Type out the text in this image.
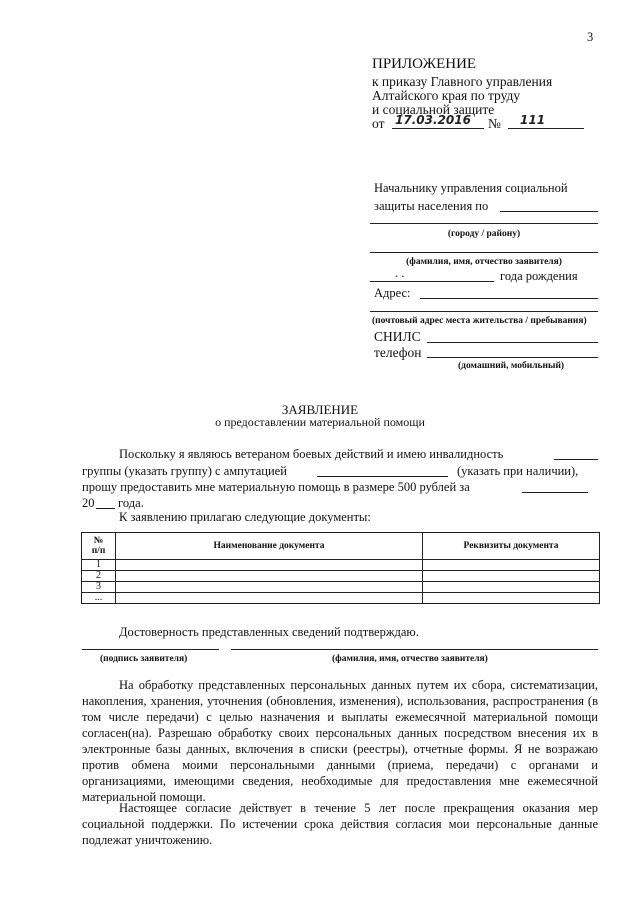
3
ПРИЛОЖЕНИЕ
к приказу Главного управления
Алтайского края по труду
и социальной защите
от 17.03.2016 № 111
Начальнику управления социальной
защиты населения по
(городу / району)
(фамилия, имя, отчество заявителя)
. .	года рождения
Адрес:
(почтовый адрес места жительства / пребывания)
СНИЛС
телефон
(домашний, мобильный)
ЗАЯВЛЕНИЕ
о предоставлении материальной помощи
Поскольку я являюсь ветераном боевых действий и имею инвалидность
группы (указать группу) с ампутацией	(указать при наличии),
прошу предоставить мне материальную помощь в размере 500 рублей за
20 года.
К заявлению прилагаю следующие документы:
№
п/п	Наименование документа	Реквизиты документа
1		
2		
3		
...		
Достоверность представленных сведений подтверждаю.
(подпись заявителя)	(фамилия, имя, отчество заявителя)
На обработку представленных персональных данных путем их сбора, систематизации, накопления, хранения, уточнения (обновления, изменения), использования, распространения (в том числе передачи) с целью назначения и выплаты ежемесячной материальной помощи согласен(на). Разрешаю обработку своих персональных данных посредством внесения их в электронные базы данных, включения в списки (реестры), отчетные формы. Я не возражаю против обмена моими персональными данными (приема, передачи) с органами и организациями, имеющими сведения, необходимые для предоставления мне ежемесячной материальной помощи.
Настоящее согласие действует в течение 5 лет после прекращения оказания мер социальной поддержки. По истечении срока действия согласия мои персональные данные подлежат уничтожению.
